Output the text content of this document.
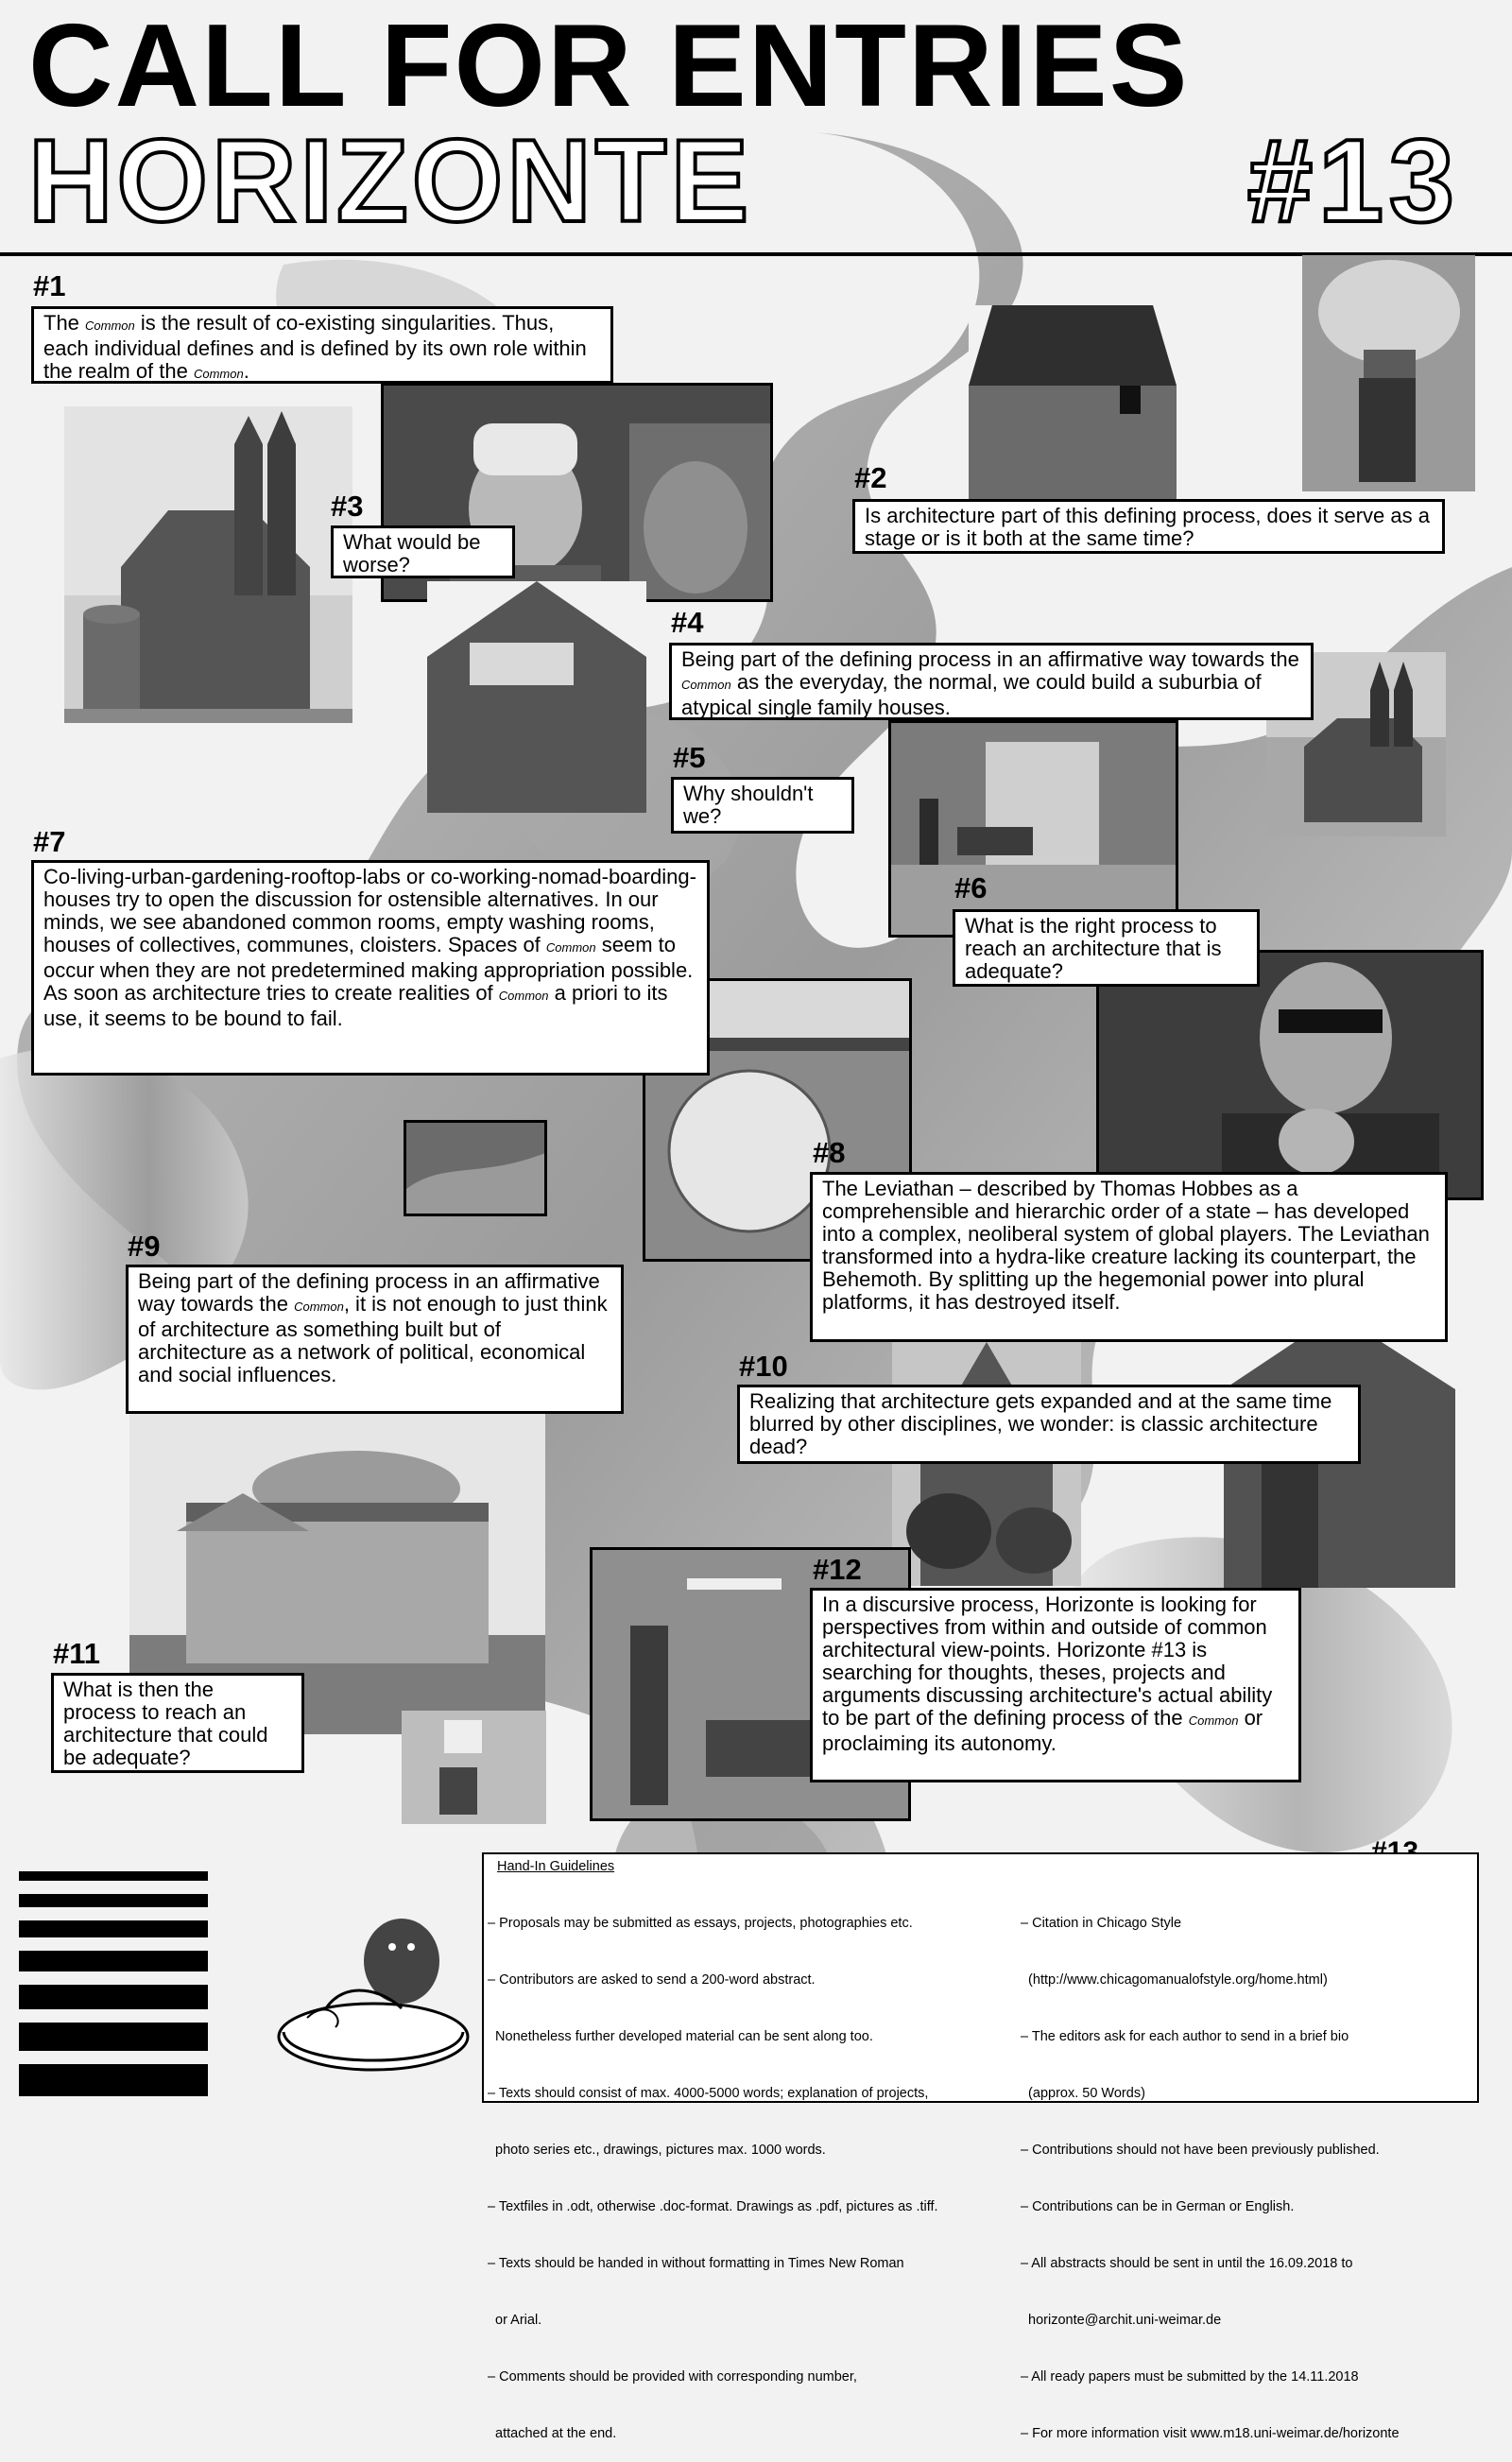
CALL FOR ENTRIES
HORIZONTE	#13
#1
The Common is the result of co-existing singularities. Thus, each individual defines and is defined by its own role within the realm of the Common.
#2
Is architecture part of this defining process, does it serve as a stage or is it both at the same time?
#3
What would be worse?
#4
Being part of the defining process in an affirmative way towards the Common as the everyday, the normal, we could build a suburbia of atypical single family houses.
#5
Why shouldn't we?
#6
What is the right process to reach an architecture that is adequate?
#7
Co-living-urban-gardening-rooftop-labs or co-working-nomad-boarding-houses try to open the discussion for ostensible alternatives. In our minds, we see abandoned common rooms, empty washing rooms, houses of collectives, communes, cloisters. Spaces of Common seem to occur when they are not predetermined making appropriation possible. As soon as architecture tries to create realities of Common a priori to its use, it seems to be bound to fail.
#8
The Leviathan – described by Thomas Hobbes as a comprehensible and hierarchic order of a state – has developed into a complex, neoliberal system of global players. The Leviathan transformed into a hydra-like creature lacking its counterpart, the Behemoth. By splitting up the hegemonial power into plural platforms, it has destroyed itself.
#9
Being part of the defining process in an affirmative way towards the Common, it is not enough to just think of architecture as something built but of architecture as a network of political, economical and social influences.	#10
Realizing that architecture gets expanded and at the same time blurred by other disciplines, we wonder: is classic architecture dead?
#11
What is then the process to reach an architecture that could be adequate?
#12
In a discursive process, Horizonte is looking for perspectives from within and outside of common architectural view-points. Horizonte #13 is searching for thoughts, theses, projects and arguments discussing architecture's actual ability to be part of the defining process of the Common or proclaiming its autonomy.
Hand-In Guidelines

– Proposals may be submitted as essays, projects, photographies etc.

– Contributors are asked to send a 200-word abstract.

Nonetheless further developed material can be sent along too.

– Texts should consist of max. 4000-5000 words; explanation of projects,

photo series etc., drawings, pictures max. 1000 words.

– Textfiles in .odt, otherwise .doc-format. Drawings as .pdf, pictures as .tiff.

– Texts should be handed in without formatting in Times New Roman

or Arial.

– Comments should be provided with corresponding number,

attached at the end.

– Citation in Chicago Style

(http://www.chicagomanualofstyle.org/home.html)

– The editors ask for each author to send in a brief bio

(approx. 50 Words)

– Contributions should not have been previously published.

– Contributions can be in German or English.

– All abstracts should be sent in until the 16.09.2018 to

horizonte@archit.uni-weimar.de

– All ready papers must be submitted by the 14.11.2018

– For more information visit www.m18.uni-weimar.de/horizonte
